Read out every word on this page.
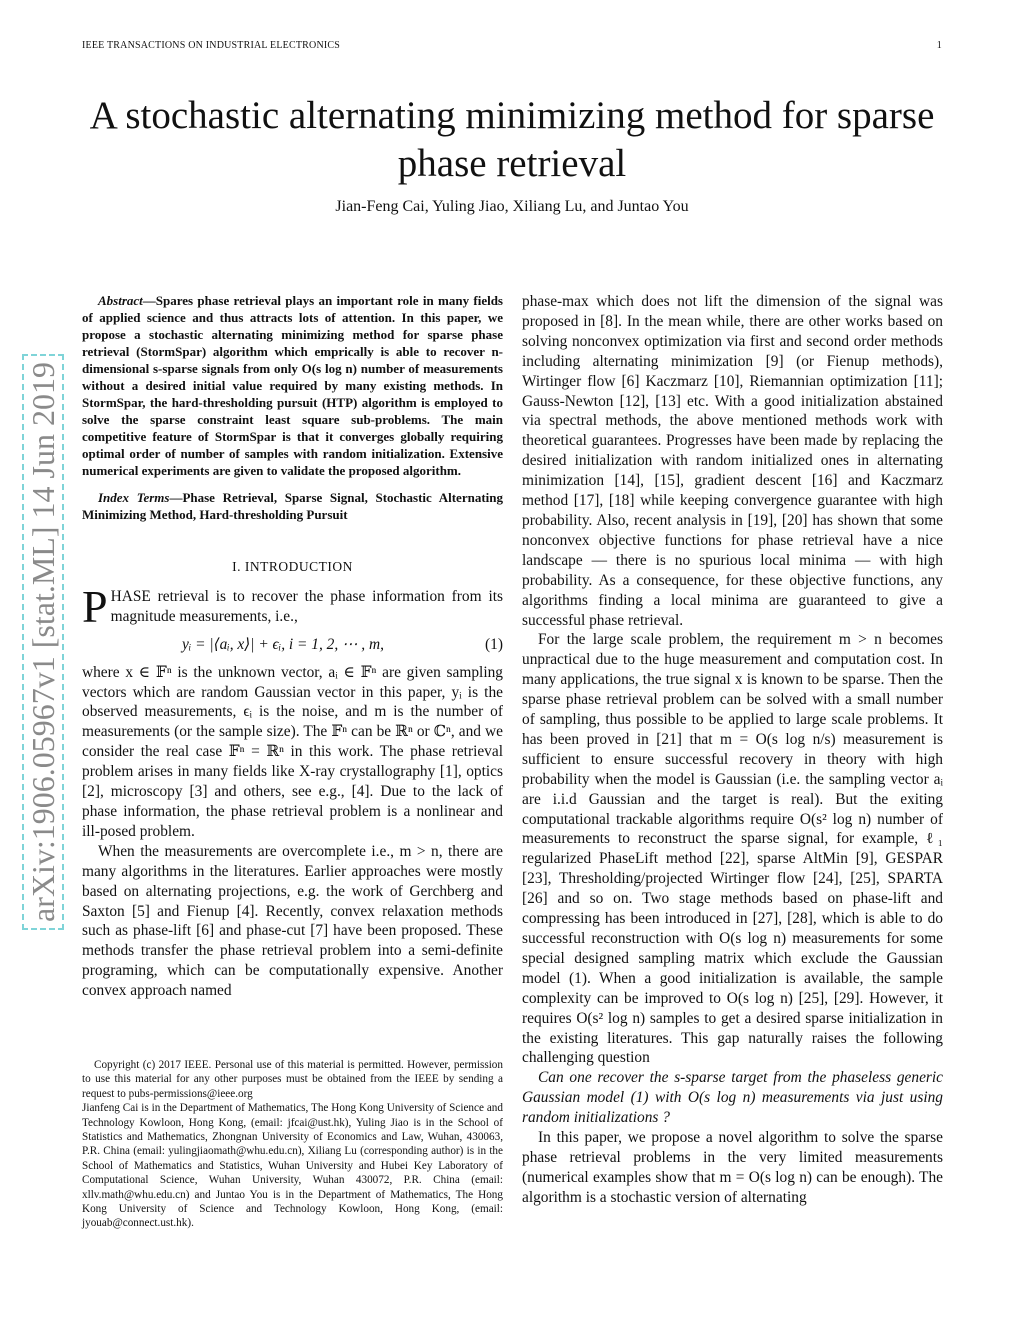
IEEE TRANSACTIONS ON INDUSTRIAL ELECTRONICS	1
arXiv:1906.05967v1 [stat.ML] 14 Jun 2019
A stochastic alternating minimizing method for sparse phase retrieval
Jian-Feng Cai, Yuling Jiao, Xiliang Lu, and Juntao You

Abstract—Spares phase retrieval plays an important role in many fields of applied science and thus attracts lots of attention. In this paper, we propose a stochastic alternating minimizing method for sparse phase retrieval (StormSpar) algorithm which emprically is able to recover n-dimensional s-sparse signals from only O(s log n) number of measurements without a desired initial value required by many existing methods. In StormSpar, the hard-thresholding pursuit (HTP) algorithm is employed to solve the sparse constraint least square sub-problems. The main competitive feature of StormSpar is that it converges globally requiring optimal order of number of samples with random initialization. Extensive numerical experiments are given to validate the proposed algorithm.

Index Terms—Phase Retrieval, Sparse Signal, Stochastic Alternating Minimizing Method, Hard-thresholding Pursuit

I. INTRODUCTION

PHASE retrieval is to recover the phase information from its magnitude measurements, i.e.,

yᵢ = |⟨aᵢ, x⟩| + ϵᵢ, i = 1, 2, ⋯ , m,	(1)

where x ∈ 𝔽ⁿ is the unknown vector, aᵢ ∈ 𝔽ⁿ are given sampling vectors which are random Gaussian vector in this paper, yᵢ is the observed measurements, ϵᵢ is the noise, and m is the number of measurements (or the sample size). The 𝔽ⁿ can be ℝⁿ or ℂⁿ, and we consider the real case 𝔽ⁿ = ℝⁿ in this work. The phase retrieval problem arises in many fields like X-ray crystallography [1], optics [2], microscopy [3] and others, see e.g., [4]. Due to the lack of phase information, the phase retrieval problem is a nonlinear and ill-posed problem.

When the measurements are overcomplete i.e., m > n, there are many algorithms in the literatures. Earlier approaches were mostly based on alternating projections, e.g. the work of Gerchberg and Saxton [5] and Fienup [4]. Recently, convex relaxation methods such as phase-lift [6] and phase-cut [7] have been proposed. These methods transfer the phase retrieval problem into a semi-definite programing, which can be computationally expensive. Another convex approach named

Copyright (c) 2017 IEEE. Personal use of this material is permitted. However, permission to use this material for any other purposes must be obtained from the IEEE by sending a request to pubs-permissions@ieee.org

Jianfeng Cai is in the Department of Mathematics, The Hong Kong University of Science and Technology Kowloon, Hong Kong, (email: jfcai@ust.hk), Yuling Jiao is in the School of Statistics and Mathematics, Zhongnan University of Economics and Law, Wuhan, 430063, P.R. China (email: yulingjiaomath@whu.edu.cn), Xiliang Lu (corresponding author) is in the School of Mathematics and Statistics, Wuhan University and Hubei Key Laboratory of Computational Science, Wuhan University, Wuhan 430072, P.R. China (email: xllv.math@whu.edu.cn) and Juntao You is in the Department of Mathematics, The Hong Kong University of Science and Technology Kowloon, Hong Kong, (email: jyouab@connect.ust.hk).

phase-max which does not lift the dimension of the signal was proposed in [8]. In the mean while, there are other works based on solving nonconvex optimization via first and second order methods including alternating minimization [9] (or Fienup methods), Wirtinger flow [6] Kaczmarz [10], Riemannian optimization [11]; Gauss-Newton [12], [13] etc. With a good initialization abstained via spectral methods, the above mentioned methods work with theoretical guarantees. Progresses have been made by replacing the desired initialization with random initialized ones in alternating minimization [14], [15], gradient descent [16] and Kaczmarz method [17], [18] while keeping convergence guarantee with high probability. Also, recent analysis in [19], [20] has shown that some nonconvex objective functions for phase retrieval have a nice landscape — there is no spurious local minima — with high probability. As a consequence, for these objective functions, any algorithms finding a local minima are guaranteed to give a successful phase retrieval.

For the large scale problem, the requirement m > n becomes unpractical due to the huge measurement and computation cost. In many applications, the true signal x is known to be sparse. Then the sparse phase retrieval problem can be solved with a small number of sampling, thus possible to be applied to large scale problems. It has been proved in [21] that m = O(s log n/s) measurement is sufficient to ensure successful recovery in theory with high probability when the model is Gaussian (i.e. the sampling vector aᵢ are i.i.d Gaussian and the target is real). But the exiting computational trackable algorithms require O(s² log n) number of measurements to reconstruct the sparse signal, for example, ℓ₁ regularized PhaseLift method [22], sparse AltMin [9], GESPAR [23], Thresholding/projected Wirtinger flow [24], [25], SPARTA [26] and so on. Two stage methods based on phase-lift and compressing has been introduced in [27], [28], which is able to do successful reconstruction with O(s log n) measurements for some special designed sampling matrix which exclude the Gaussian model (1). When a good initialization is available, the sample complexity can be improved to O(s log n) [25], [29]. However, it requires O(s² log n) samples to get a desired sparse initialization in the existing literatures. This gap naturally raises the following challenging question

Can one recover the s-sparse target from the phaseless generic Gaussian model (1) with O(s log n) measurements via just using random initializations ?

In this paper, we propose a novel algorithm to solve the sparse phase retrieval problems in the very limited measurements (numerical examples show that m = O(s log n) can be enough). The algorithm is a stochastic version of alternating
